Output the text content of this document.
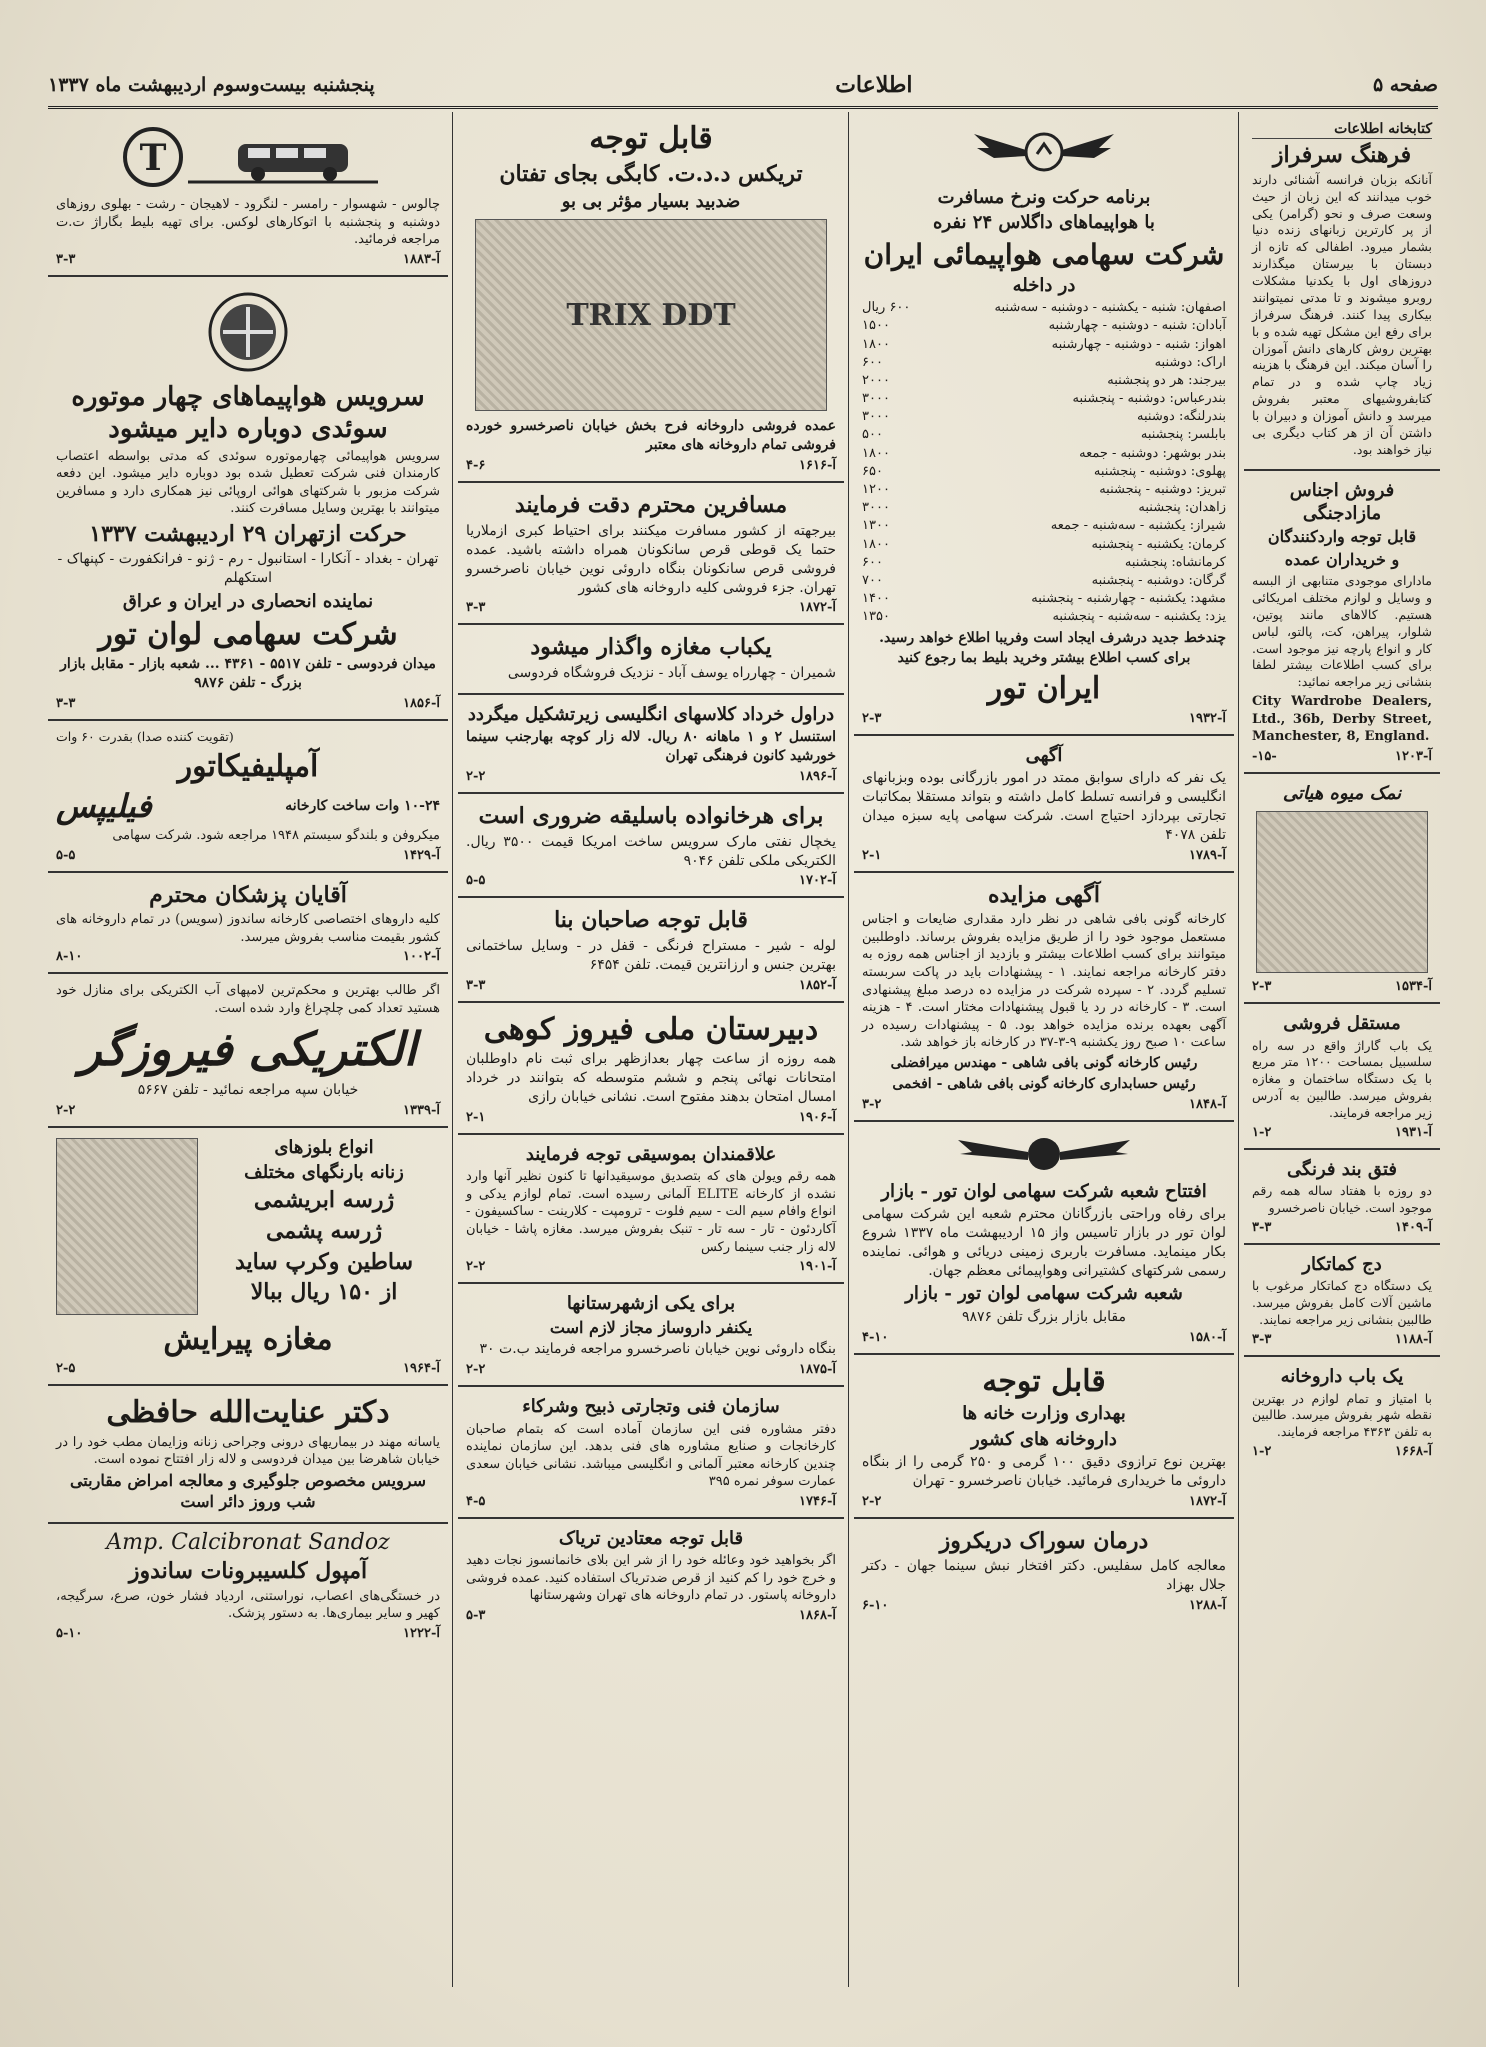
صفحه ۵
اطلاعات
پنجشنبه بیست‌وسوم اردیبهشت ماه ۱۳۳۷
کتابخانه اطلاعات
فرهنگ سرفراز

آنانکه بزبان فرانسه آشنائی دارند خوب میدانند که این زبان از حیث وسعت صرف و نحو (گرامر) یکی از پر کارترین زبانهای زنده دنیا بشمار میرود. اطفالی که تازه از دبستان با بیرستان میگذارند دروزهای اول با یکدنیا مشکلات روبرو میشوند و تا مدتی نمیتوانند بیکاری پیدا کنند. فرهنگ سرفراز برای رفع این مشکل تهیه شده و با بهترین روش کارهای دانش آموزان را آسان میکند. این فرهنگ با هزینه زیاد چاپ شده و در تمام کتابفروشیهای معتبر بفروش میرسد و دانش آموزان و دبیران با داشتن آن از هر کتاب دیگری بی نیاز خواهند بود.

فروش اجناس مازادجنگی
قابل توجه واردکنندگان
و خریداران عمده

مادارای موجودی متنابهی از البسه و وسایل و لوازم مختلف امریکائی هستیم. کالاهای مانند پوتین، شلوار، پیراهن، کت، پالتو، لباس کار و انواع پارچه نیز موجود است. برای کسب اطلاعات بیشتر لطفا بنشانی زیر مراجعه نمائید:

City Wardrobe Dealers, Ltd., 36b, Derby Street, Manchester, 8, England.

آ-۱۲۰۳
-۱۵-
نمک میوه هیاتی
آ-۱۵۳۴
۲-۳
مستقل فروشی

یک باب گاراژ واقع در سه راه سلسبیل بمساحت ۱۲۰۰ متر مربع با یک دستگاه ساختمان و مغازه بفروش میرسد. طالبین به آدرس زیر مراجعه فرمایند.

آ-۱۹۳۱
۱-۲
فتق بند فرنگی

دو روزه با هفتاد ساله همه رقم موجود است. خیابان ناصرخسرو

آ-۱۴۰۹
۳-۳
دج کماتکار

یک دستگاه دج کماتکار مرغوب با ماشین آلات کامل بفروش میرسد. طالبین بنشانی زیر مراجعه نمایند.

آ-۱۱۸۸
۳-۳
یک باب داروخانه

با امتیاز و تمام لوازم در بهترین نقطه شهر بفروش میرسد. طالبین به تلفن ۴۳۶۳ مراجعه فرمایند.

آ-۱۶۶۸
۱-۲
برنامه حرکت ونرخ مسافرت
با هواپیماهای داگلاس ۲۴ نفره
شرکت سهامی هواپیمائی ایران
در داخله
اصفهان: شنبه - یکشنبه - دوشنبه - سه‌شنبه
۶۰۰ ریال
آبادان: شنبه - دوشنبه - چهارشنبه
۱۵۰۰
اهواز: شنبه - دوشنبه - چهارشنبه
۱۸۰۰
اراک: دوشنبه
۶۰۰
بیرجند: هر دو پنجشنبه
۲۰۰۰
بندرعباس: دوشنبه - پنجشنبه
۳۰۰۰
بندرلنگه: دوشنبه
۳۰۰۰
بابلسر: پنجشنبه
۵۰۰
بندر بوشهر: دوشنبه - جمعه
۱۸۰۰
پهلوی: دوشنبه - پنجشنبه
۶۵۰
تبریز: دوشنبه - پنجشنبه
۱۲۰۰
زاهدان: پنجشنبه
۳۰۰۰
شیراز: یکشنبه - سه‌شنبه - جمعه
۱۳۰۰
کرمان: یکشنبه - پنجشنبه
۱۸۰۰
کرمانشاه: پنجشنبه
۶۰۰
گرگان: دوشنبه - پنجشنبه
۷۰۰
مشهد: یکشنبه - چهارشنبه - پنجشنبه
۱۴۰۰
یزد: یکشنبه - سه‌شنبه - پنجشنبه
۱۳۵۰

چندخط جدید درشرف ایجاد است وفریبا اطلاع خواهد رسید.

برای کسب اطلاع بیشتر وخرید بلیط بما رجوع کنید

ایران تور
آ-۱۹۳۲
۲-۳
آگهی

یک نفر که دارای سوابق ممتد در امور بازرگانی بوده وبزبانهای انگلیسی و فرانسه تسلط کامل داشته و بتواند مستقلا بمکاتبات تجارتی بپردازد احتیاج است. شرکت سهامی پایه سبزه میدان تلفن ۴۰۷۸

آ-۱۷۸۹
۲-۱
آگهی مزایده

کارخانه گونی بافی شاهی در نظر دارد مقداری ضایعات و اجناس مستعمل موجود خود را از طریق مزایده بفروش برساند. داوطلبین میتوانند برای کسب اطلاعات بیشتر و بازدید از اجناس همه روزه به دفتر کارخانه مراجعه نمایند. ۱ - پیشنهادات باید در پاکت سربسته تسلیم گردد. ۲ - سپرده شرکت در مزایده ده درصد مبلغ پیشنهادی است. ۳ - کارخانه در رد یا قبول پیشنهادات مختار است. ۴ - هزینه آگهی بعهده برنده مزایده خواهد بود. ۵ - پیشنهادات رسیده در ساعت ۱۰ صبح روز یکشنبه ۹-۳-۳۷ در کارخانه باز خواهد شد.

رئیس کارخانه گونی بافی شاهی - مهندس میرافضلی

رئیس حسابداری کارخانه گونی بافی شاهی - افخمی

آ-۱۸۴۸
۳-۲
افتتاح شعبه شرکت سهامی لوان تور - بازار

برای رفاه وراحتی بازرگانان محترم شعبه این شرکت سهامی لوان تور در بازار تاسیس واز ۱۵ اردیبهشت ماه ۱۳۳۷ شروع بکار مینماید. مسافرت باربری زمینی دریائی و هوائی. نماینده رسمی شرکتهای کشتیرانی وهواپیمائی معظم جهان.

شعبه شرکت سهامی لوان تور - بازار

مقابل بازار بزرگ تلفن ۹۸۷۶

آ-۱۵۸۰
۴-۱۰
قابل توجه
بهداری وزارت خانه ها
داروخانه های کشور

بهترین نوع ترازوی دقیق ۱۰۰ گرمی و ۲۵۰ گرمی را از بنگاه داروئی ما خریداری فرمائید. خیابان ناصرخسرو - تهران

آ-۱۸۷۲
۲-۲
درمان سوراک دریکروز

معالجه کامل سفلیس. دکتر افتخار نبش سینما جهان - دکتر جلال بهزاد

آ-۱۲۸۸
۶-۱۰
قابل توجه
تریکس د.د.ت. کابگی بجای تفتان
ضدبید بسیار مؤثر بی بو
TRIX DDT

عمده فروشی داروخانه فرح بخش خیابان ناصرخسرو خورده فروشی تمام داروخانه های معتبر

آ-۱۶۱۶
۴-۶
مسافرین محترم دقت فرمایند

بیرجهته از کشور مسافرت میکنند برای احتیاط کبری ازملاریا حتما یک قوطی قرص سانکونان همراه داشته باشید. عمده فروشی قرص سانکونان بنگاه داروئی نوین خیابان ناصرخسرو تهران. جزء فروشی کلیه داروخانه های کشور

آ-۱۸۷۲
۳-۳
یکباب مغازه واگذار میشود

شمیران - چهارراه یوسف آباد - نزدیک فروشگاه فردوسی

دراول خرداد کلاسهای انگلیسی زیرتشکیل میگردد

استنسل ۲ و ۱ ماهانه ۸۰ ریال. لاله زار کوچه بهارجنب سینما خورشید کانون فرهنگی تهران

آ-۱۸۹۶
۲-۲
برای هرخانواده باسلیقه ضروری است

یخچال نفتی مارک سرویس ساخت امریکا قیمت ۳۵۰۰ ریال. الکتریکی ملکی تلفن ۹۰۴۶

آ-۱۷۰۲
۵-۵
قابل توجه صاحبان بنا

لوله - شیر - مستراح فرنگی - قفل در - وسایل ساختمانی بهترین جنس و ارزانترین قیمت. تلفن ۶۴۵۴

آ-۱۸۵۲
۳-۳
دبیرستان ملی فیروز کوهی

همه روزه از ساعت چهار بعدازظهر برای ثبت نام داوطلبان امتحانات نهائی پنجم و ششم متوسطه که بتوانند در خرداد امسال امتحان بدهند مفتوح است. نشانی خیابان رازی

آ-۱۹۰۶
۲-۱
علاقمندان بموسیقی توجه فرمایند

همه رقم ویولن های که بتصدیق موسیقیدانها تا کنون نظیر آنها وارد نشده از کارخانه ELITE آلمانی رسیده است. تمام لوازم یدکی و انواع وافام سیم الت - سیم فلوت - ترومپت - کلارینت - ساکسیفون - آکاردئون - تار - سه تار - تنبک بفروش میرسد. مغازه پاشا - خیابان لاله زار جنب سینما رکس

آ-۱۹۰۱
۲-۲
برای یکی ازشهرستانها
یکنفر داروساز مجاز لازم است

بنگاه داروئی نوین خیابان ناصرخسرو مراجعه فرمایند ب.ت ۳۰

آ-۱۸۷۵
۲-۲
سازمان فنی وتجارتی ذبیح وشرکاء

دفتر مشاوره فنی این سازمان آماده است که بتمام صاحبان کارخانجات و صنایع مشاوره های فنی بدهد. این سازمان نماینده چندین کارخانه معتبر آلمانی و انگلیسی میباشد. نشانی خیابان سعدی عمارت سوفر نمره ۳۹۵

آ-۱۷۴۶
۴-۵
قابل توجه معتادین تریاک

اگر بخواهید خود وعائله خود را از شر این بلای خانمانسوز نجات دهید و خرج خود را کم کنید از قرص ضدتریاک استفاده کنید. عمده فروشی داروخانه پاستور. در تمام داروخانه های تهران وشهرستانها

آ-۱۸۶۸
۵-۳
T

چالوس - شهسوار - رامسر - لنگرود - لاهیجان - رشت - بهلوی روزهای دوشنبه و پنجشنبه با اتوکارهای لوکس. برای تهیه بلیط بگاراژ ت.ت مراجعه فرمائید.

آ-۱۸۸۳
۳-۳
سرویس هواپیماهای چهار موتوره سوئدی دوباره دایر میشود

سرویس هواپیمائی چهارموتوره سوئدی که مدتی بواسطه اعتصاب کارمندان فنی شرکت تعطیل شده بود دوباره دایر میشود. این دفعه شرکت مزبور با شرکتهای هوائی اروپائی نیز همکاری دارد و مسافرین میتوانند با بهترین وسایل مسافرت کنند.

حرکت ازتهران ۲۹ اردیبهشت ۱۳۳۷

تهران - بغداد - آنکارا - استانبول - رم - ژنو - فرانکفورت - کپنهاک - استکهلم

نماینده انحصاری در ایران و عراق
شرکت سهامی لوان تور

میدان فردوسی - تلفن ۵۵۱۷ - ۴۳۶۱ ... شعبه بازار - مقابل بازار بزرگ - تلفن ۹۸۷۶

آ-۱۸۵۶
۳-۳

(تقویت کننده صدا) بقدرت ۶۰ وات

آمپلیفیکاتور
۱۰-۲۴ وات ساخت کارخانه
فیلیپس

میکروفن و بلندگو سیستم ۱۹۴۸ مراجعه شود. شرکت سهامی

آ-۱۴۲۹
۵-۵
آقایان پزشکان محترم

کلیه داروهای اختصاصی کارخانه ساندوز (سویس) در تمام داروخانه های کشور بقیمت مناسب بفروش میرسد.

آ-۱۰۰۲
۸-۱۰

اگر طالب بهترین و محکم‌ترین لامپهای آب الکتریکی برای منازل خود هستید تعداد کمی چلچراغ وارد شده است.

الکتریکی فیروزگر

خیابان سپه مراجعه نمائید - تلفن ۵۶۶۷

آ-۱۳۳۹
۲-۲
انواع بلوزهای
زنانه بارنگهای مختلف
ژرسه ابریشمی
ژرسه پشمی
ساطین وکرپ ساید
از ۱۵۰ ریال ببالا
مغازه پیرایش
آ-۱۹۶۴
۲-۵
دکتر عنایت‌الله حافظی

یاسانه مهند در بیماریهای درونی وجراحی زنانه وزایمان مطب خود را در خیابان شاهرضا بین میدان فردوسی و لاله زار افتتاح نموده است.

سرویس مخصوص جلوگیری و معالجه امراض مقاربتی شب وروز دائر است
Amp. Calcibronat Sandoz
آمپول کلسیبرونات ساندوز

در خستگی‌های اعصاب، نوراستنی، اردیاد فشار خون، صرع، سرگیجه، کهیر و سایر بیماری‌ها. به دستور پزشک.

آ-۱۲۲۲
۵-۱۰
